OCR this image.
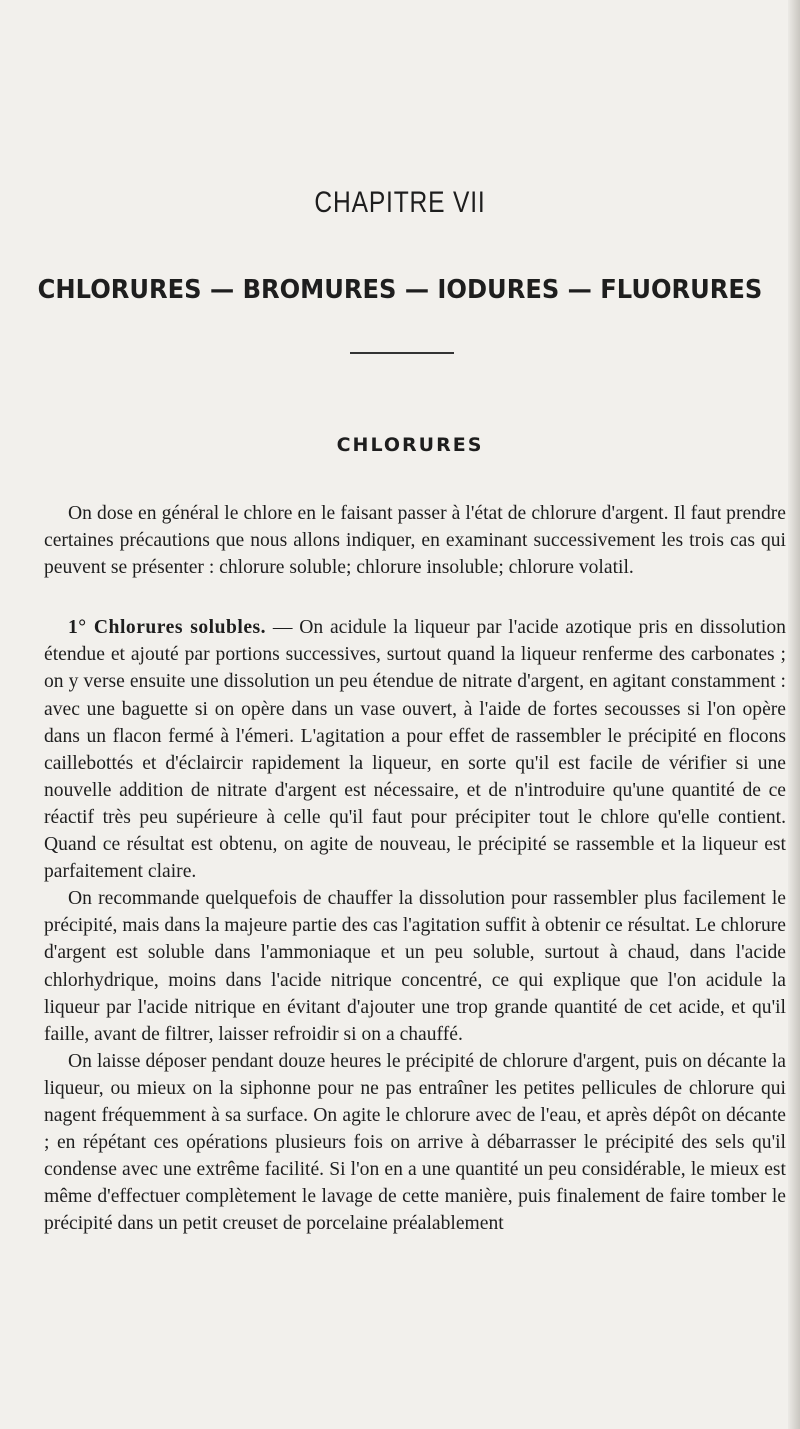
CHAPITRE VII
CHLORURES — BROMURES — IODURES — FLUORURES
CHLORURES

On dose en général le chlore en le faisant passer à l'état de chlorure d'argent. Il faut prendre certaines précautions que nous allons indiquer, en examinant successivement les trois cas qui peuvent se présenter : chlorure soluble; chlorure insoluble; chlorure volatil.

1° Chlorures solubles. — On acidule la liqueur par l'acide azotique pris en dissolution étendue et ajouté par portions successives, surtout quand la liqueur renferme des carbonates ; on y verse ensuite une dissolution un peu étendue de nitrate d'argent, en agitant constamment : avec une baguette si on opère dans un vase ouvert, à l'aide de fortes secousses si l'on opère dans un flacon fermé à l'émeri. L'agitation a pour effet de rassembler le précipité en flocons caillebottés et d'éclaircir rapidement la liqueur, en sorte qu'il est facile de vérifier si une nouvelle addition de nitrate d'argent est nécessaire, et de n'introduire qu'une quantité de ce réactif très peu supérieure à celle qu'il faut pour précipiter tout le chlore qu'elle contient. Quand ce résultat est obtenu, on agite de nouveau, le précipité se rassemble et la liqueur est parfaitement claire.

On recommande quelquefois de chauffer la dissolution pour rassembler plus facilement le précipité, mais dans la majeure partie des cas l'agitation suffit à obtenir ce résultat. Le chlorure d'argent est soluble dans l'ammoniaque et un peu soluble, surtout à chaud, dans l'acide chlorhydrique, moins dans l'acide nitrique concentré, ce qui explique que l'on acidule la liqueur par l'acide nitrique en évitant d'ajouter une trop grande quantité de cet acide, et qu'il faille, avant de filtrer, laisser refroidir si on a chauffé.

On laisse déposer pendant douze heures le précipité de chlorure d'argent, puis on décante la liqueur, ou mieux on la siphonne pour ne pas entraîner les petites pellicules de chlorure qui nagent fréquemment à sa surface. On agite le chlorure avec de l'eau, et après dépôt on décante ; en répétant ces opérations plusieurs fois on arrive à débarrasser le précipité des sels qu'il condense avec une extrême facilité. Si l'on en a une quantité un peu considérable, le mieux est même d'effectuer complètement le lavage de cette manière, puis finalement de faire tomber le précipité dans un petit creuset de porcelaine préalablement
